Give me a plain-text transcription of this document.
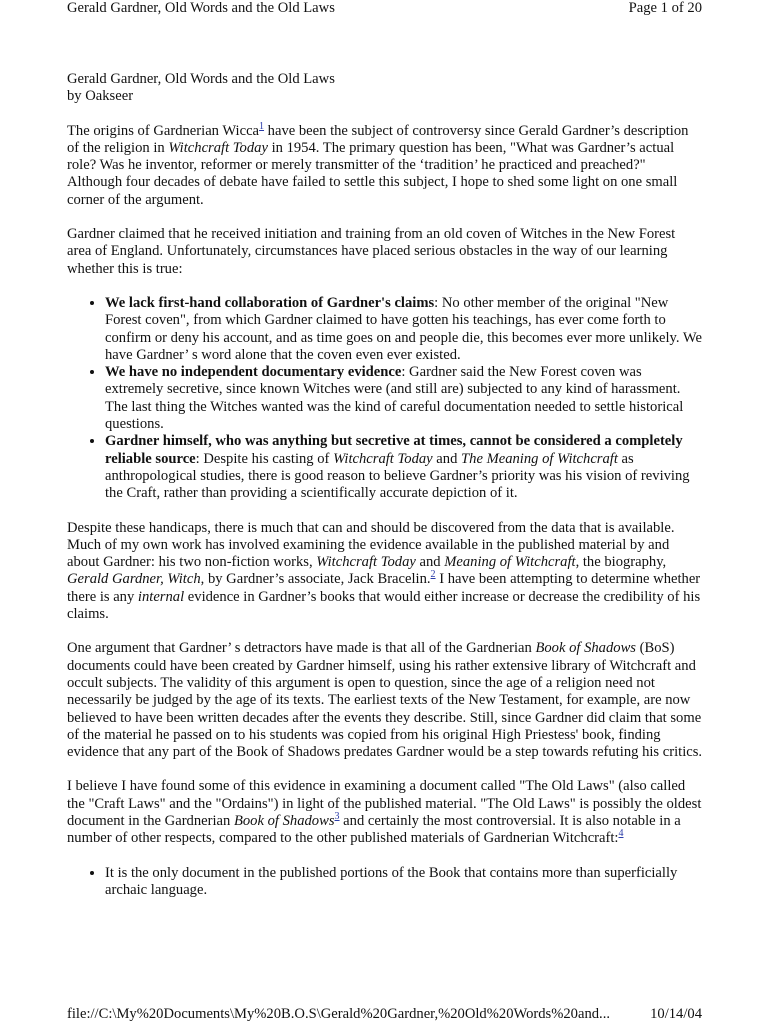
Gerald Gardner, Old Words and the Old Laws	Page 1 of 20
Gerald Gardner, Old Words and the Old Laws
by Oakseer

The origins of Gardnerian Wicca$^1$ have been the subject of controversy since Gerald Gardner’s description of the religion in Witchcraft Today in 1954. The primary question has been, "What was Gardner’s actual role? Was he inventor, reformer or merely transmitter of the ‘tradition’ he practiced and preached?" Although four decades of debate have failed to settle this subject, I hope to shed some light on one small corner of the argument.

Gardner claimed that he received initiation and training from an old coven of Witches in the New Forest area of England. Unfortunately, circumstances have placed serious obstacles in the way of our learning whether this is true:

• We lack first-hand collaboration of Gardner's claims: No other member of the original "New Forest coven", from which Gardner claimed to have gotten his teachings, has ever come forth to confirm or deny his account, and as time goes on and people die, this becomes ever more unlikely. We have Gardner’ s word alone that the coven even ever existed.
• We have no independent documentary evidence: Gardner said the New Forest coven was extremely secretive, since known Witches were (and still are) subjected to any kind of harassment. The last thing the Witches wanted was the kind of careful documentation needed to settle historical questions.
• Gardner himself, who was anything but secretive at times, cannot be considered a completely reliable source: Despite his casting of Witchcraft Today and The Meaning of Witchcraft as anthropological studies, there is good reason to believe Gardner’s priority was his vision of reviving the Craft, rather than providing a scientifically accurate depiction of it.

Despite these handicaps, there is much that can and should be discovered from the data that is available. Much of my own work has involved examining the evidence available in the published material by and about Gardner: his two non-fiction works, Witchcraft Today and Meaning of Witchcraft, the biography, Gerald Gardner, Witch, by Gardner’s associate, Jack Bracelin.$^2$ I have been attempting to determine whether there is any internal evidence in Gardner’s books that would either increase or decrease the credibility of his claims.

One argument that Gardner’ s detractors have made is that all of the Gardnerian Book of Shadows (BoS) documents could have been created by Gardner himself, using his rather extensive library of Witchcraft and occult subjects. The validity of this argument is open to question, since the age of a religion need not necessarily be judged by the age of its texts. The earliest texts of the New Testament, for example, are now believed to have been written decades after the events they describe. Still, since Gardner did claim that some of the material he passed on to his students was copied from his original High Priestess' book, finding evidence that any part of the Book of Shadows predates Gardner would be a step towards refuting his critics.

I believe I have found some of this evidence in examining a document called "The Old Laws" (also called the "Craft Laws" and the "Ordains") in light of the published material. "The Old Laws" is possibly the oldest document in the Gardnerian Book of Shadows$^3$ and certainly the most controversial. It is also notable in a number of other respects, compared to the other published materials of Gardnerian Witchcraft:$^4$

• It is the only document in the published portions of the Book that contains more than superficially archaic language.
file://C:\My%20Documents\My%20B.O.S\Gerald%20Gardner,%20Old%20Words%20and...	10/14/04
